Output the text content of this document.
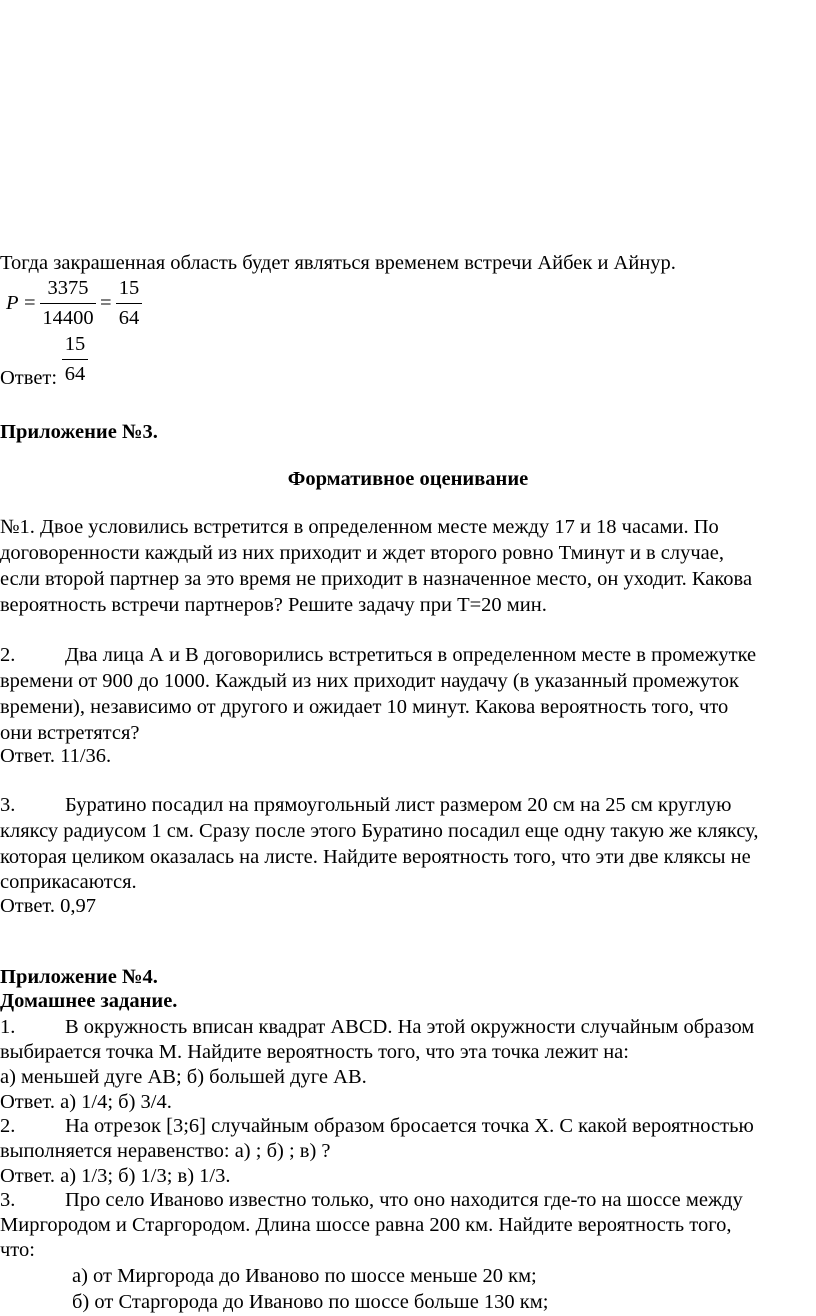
Тогда закрашенная область будет являться временем встречи Айбек и Айнур.
P =
3375
14400
=
15
64
Ответ:
15
64
Приложение №3.
Формативное оценивание
№1. Двое условились встретится в определенном месте между 17 и 18 часами. По
договоренности каждый из них приходит и ждет второго ровно Тминут и в случае,
если второй партнер за это время не приходит в назначенное место, он уходит. Какова
вероятность встречи партнеров? Решите задачу при Т=20 мин.
2. Два лица А и В договорились встретиться в определенном месте в промежутке
времени от 900 до 1000. Каждый из них приходит наудачу (в указанный промежуток
времени), независимо от другого и ожидает 10 минут. Какова вероятность того, что
они встретятся?
Ответ. 11/36.
3. Буратино посадил на прямоугольный лист размером 20 см на 25 см круглую
кляксу радиусом 1 см. Сразу после этого Буратино посадил еще одну такую же кляксу,
которая целиком оказалась на листе. Найдите вероятность того, что эти две кляксы не
соприкасаются.
Ответ. 0,97
Приложение №4.
Домашнее задание.
1. В окружность вписан квадрат ABCD. На этой окружности случайным образом
выбирается точка М. Найдите вероятность того, что эта точка лежит на:
а) меньшей дуге АВ; б) большей дуге АВ.
Ответ. а) 1/4; б) 3/4.
2. На отрезок [3;6] случайным образом бросается точка Х. С какой вероятностью
выполняется неравенство: а) ; б) ; в) ?
Ответ. а) 1/3; б) 1/3; в) 1/3.
3. Про село Иваново известно только, что оно находится где-то на шоссе между
Миргородом и Старгородом. Длина шоссе равна 200 км. Найдите вероятность того,
что:
а) от Миргорода до Иваново по шоссе меньше 20 км;
б) от Старгорода до Иваново по шоссе больше 130 км;
